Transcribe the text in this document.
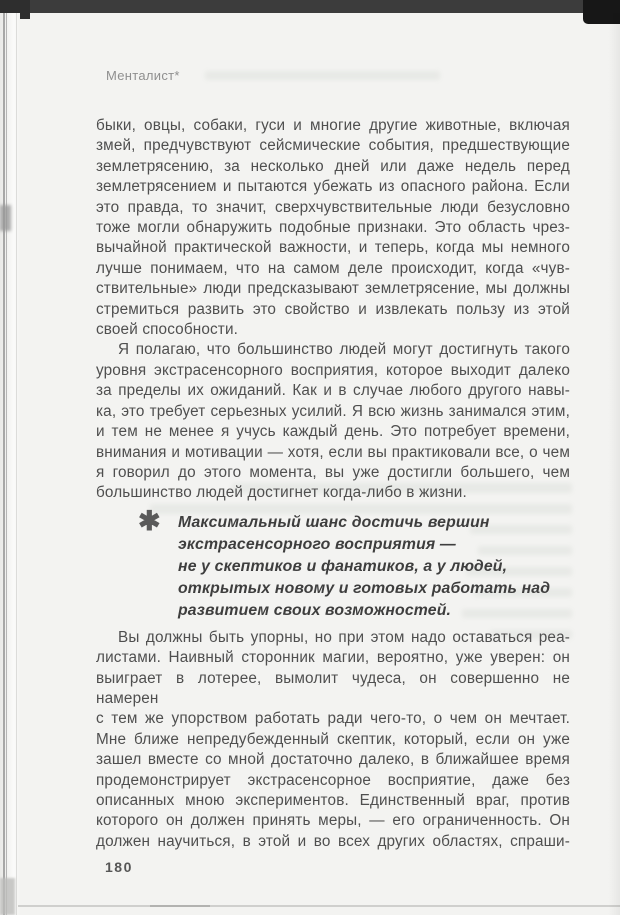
Менталист*
быки, овцы, собаки, гуси и многие другие животные, включая
змей, предчувствуют сейсмические события, предшествующие
землетрясению, за несколько дней или даже недель перед
землетрясением и пытаются убежать из опасного района. Если
это правда, то значит, сверхчувствительные люди безусловно
тоже могли обнаружить подобные признаки. Это область чрез-
вычайной практической важности, и теперь, когда мы немного
лучше понимаем, что на самом деле происходит, когда «чув-
ствительные» люди предсказывают землетрясение, мы должны
стремиться развить это свойство и извлекать пользу из этой
своей способности.
Я полагаю, что большинство людей могут достигнуть такого
уровня экстрасенсорного восприятия, которое выходит далеко
за пределы их ожиданий. Как и в случае любого другого навы-
ка, это требует серьезных усилий. Я всю жизнь занимался этим,
и тем не менее я учусь каждый день. Это потребует времени,
внимания и мотивации — хотя, если вы практиковали все, о чем
я говорил до этого момента, вы уже достигли большего, чем
большинство людей достигнет когда-либо в жизни.
✱ Максимальный шанс достичь вершин
экстрасенсорного восприятия —
не у скептиков и фанатиков, а у людей,
открытых новому и готовых работать над
развитием своих возможностей.
Вы должны быть упорны, но при этом надо оставаться реа-
листами. Наивный сторонник магии, вероятно, уже уверен: он
выиграет в лотерее, вымолит чудеса, он совершенно не намерен
с тем же упорством работать ради чего-то, о чем он мечтает.
Мне ближе непредубежденный скептик, который, если он уже
зашел вместе со мной достаточно далеко, в ближайшее время
продемонстрирует экстрасенсорное восприятие, даже без
описанных мною экспериментов. Единственный враг, против
которого он должен принять меры, — его ограниченность. Он
должен научиться, в этой и во всех других областях, спраши-
180
